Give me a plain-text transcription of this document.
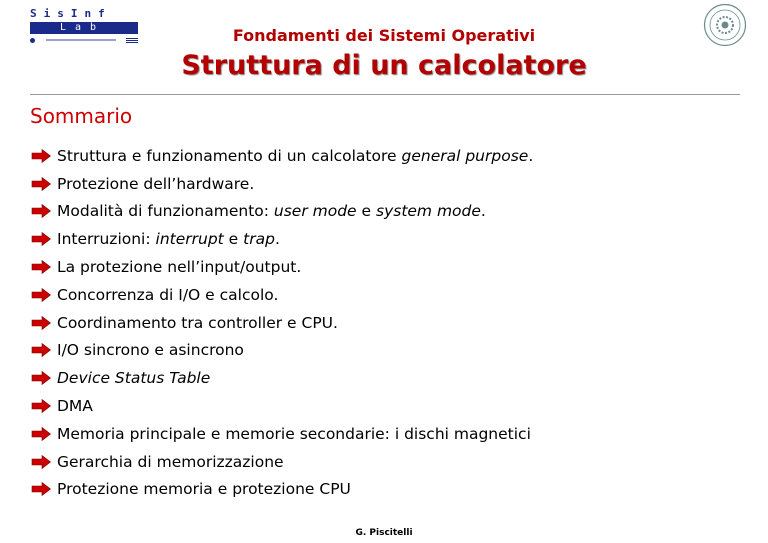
SisInf
Lab	Fondamenti dei Sistemi Operativi
Struttura di un calcolatore
Sommario
Struttura e funzionamento di un calcolatore general purpose.
Protezione dell’hardware.
Modalità di funzionamento: user mode e system mode.
Interruzioni: interrupt e trap.
La protezione nell’input/output.
Concorrenza di I/O e calcolo.
Coordinamento tra controller e CPU.
I/O sincrono e asincrono
Device Status Table
DMA
Memoria principale e memorie secondarie: i dischi magnetici
Gerarchia di memorizzazione
Protezione memoria e protezione CPU
G. Piscitelli
